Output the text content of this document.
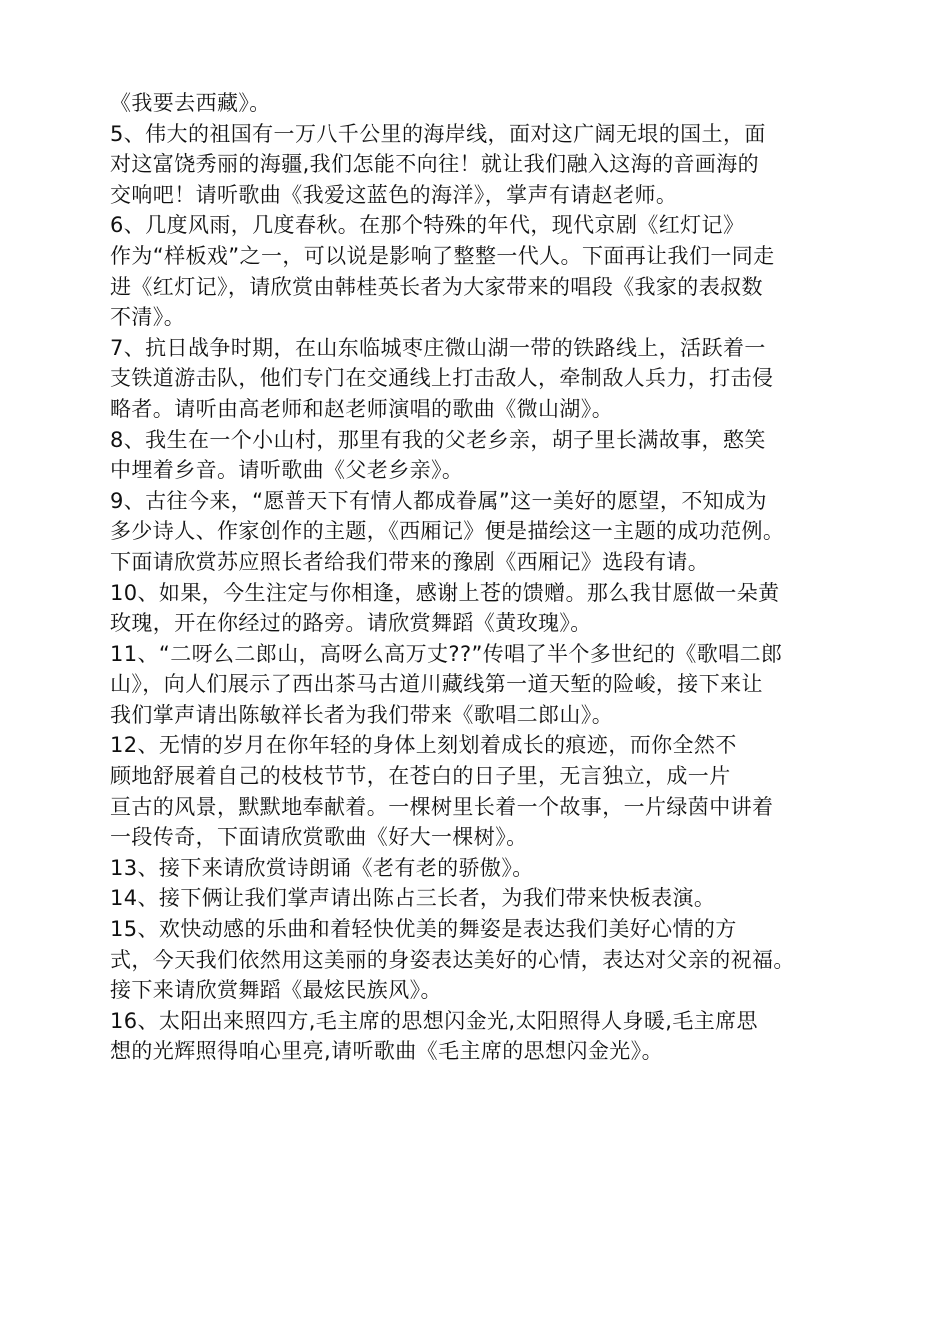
《我要去西藏》。
5、伟大的祖国有一万八千公里的海岸线，面对这广阔无垠的国土，面
对这富饶秀丽的海疆,我们怎能不向往！就让我们融入这海的音画海的
交响吧！请听歌曲《我爱这蓝色的海洋》，掌声有请赵老师。
6、几度风雨，几度春秋。在那个特殊的年代，现代京剧《红灯记》
作为“样板戏”之一，可以说是影响了整整一代人。下面再让我们一同走
进《红灯记》，请欣赏由韩桂英长者为大家带来的唱段《我家的表叔数
不清》。
7、抗日战争时期，在山东临城枣庄微山湖一带的铁路线上，活跃着一
支铁道游击队，他们专门在交通线上打击敌人，牵制敌人兵力，打击侵
略者。请听由高老师和赵老师演唱的歌曲《微山湖》。
8、我生在一个小山村，那里有我的父老乡亲，胡子里长满故事，憨笑
中埋着乡音。请听歌曲《父老乡亲》。
9、古往今来，“愿普天下有情人都成眷属”这一美好的愿望，不知成为
多少诗人、作家创作的主题，《西厢记》便是描绘这一主题的成功范例。
下面请欣赏苏应照长者给我们带来的豫剧《西厢记》选段有请。
10、如果，今生注定与你相逢，感谢上苍的馈赠。那么我甘愿做一朵黄
玫瑰，开在你经过的路旁。请欣赏舞蹈《黄玫瑰》。
11、“二呀么二郎山，高呀么高万丈??”传唱了半个多世纪的《歌唱二郎
山》，向人们展示了西出茶马古道川藏线第一道天堑的险峻，接下来让
我们掌声请出陈敏祥长者为我们带来《歌唱二郎山》。
12、无情的岁月在你年轻的身体上刻划着成长的痕迹，而你全然不
顾地舒展着自己的枝枝节节，在苍白的日子里，无言独立，成一片
亘古的风景，默默地奉献着。一棵树里长着一个故事，一片绿茵中讲着
一段传奇，下面请欣赏歌曲《好大一棵树》。
13、接下来请欣赏诗朗诵《老有老的骄傲》。
14、接下俩让我们掌声请出陈占三长者，为我们带来快板表演。
15、欢快动感的乐曲和着轻快优美的舞姿是表达我们美好心情的方
式，今天我们依然用这美丽的身姿表达美好的心情，表达对父亲的祝福。
接下来请欣赏舞蹈《最炫民族风》。
16、太阳出来照四方,毛主席的思想闪金光,太阳照得人身暖,毛主席思
想的光辉照得咱心里亮,请听歌曲《毛主席的思想闪金光》。
